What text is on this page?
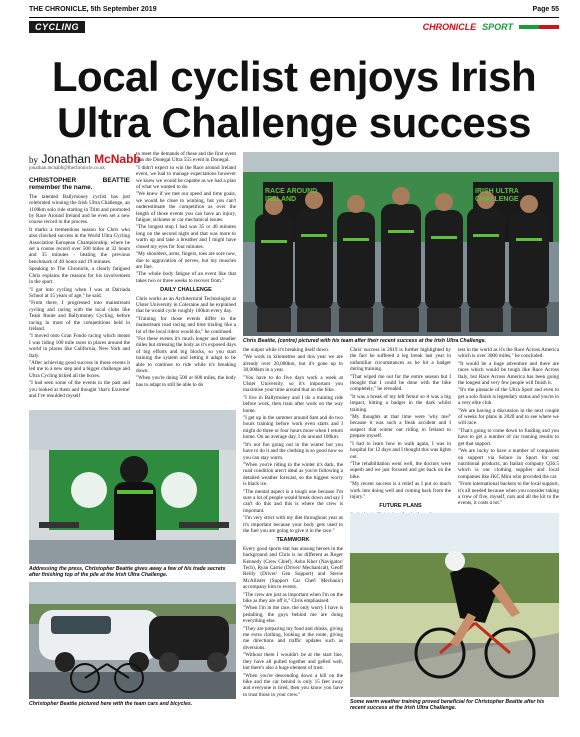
THE CHRONICLE, 5th September 2019	Page 55
CYCLING	CHRONICLE SPORT
Local cyclist enjoys Irish Ultra Challenge success
by Jonathan McNabb
jonathan.mcnabb@thechronicle.co.uk

CHRISTOPHER BEATTIE remember the name.

The talented Ballymoney cyclist has just celebrated winning the Irish Ultra Challenge, an 1100km solo ride starting in Trim and promoted by Race Around Ireland and he even set a new course record in the process.

It marks a tremendous season for Chris who also clinched success in the World Ultra Cycling Association European Championship, where he set a course record over 500 miles at 32 hours and 35 minutes - beating the previous benchmark of 40 hours and 19 minutes.

Speaking to The Chronicle, a clearly fatigued Chris explains the reasons for his involvement in the sport.

"I got into cycling when I was at Dalriada School at 15 years of age," he said.

"From there, I progressed into mainstream cycling and racing with the local clubs like Team Route and Ballymoney Cycling, before racing in most of the competitions held in Ireland.

"I moved onto Gran Fondo racing which meant I was riding 100 mile races in places around the world in places like California, New York and Italy.

"After achieving good success in those events it led me to a new step and a bigger challenge and Ultra Cycling ticked all the boxes.

"I had seen some of the events in the past and you looked at them and thought 'that's Extreme' and I've moulded myself

to meet the demands of these and the first event was the Donegal Ultra 555 event in Donegal.

"I didn't expect to win the Race around Ireland event, we had to manage expectations however we knew we would be capable as we had a plan of what we wanted to do.

"We knew if we met our speed and time goals, we would be close to winning, but you can't underestimate the competition as over the length of those events you can have an injury, fatigue, sickness or car mechanical issues.

"The longest stop I had was 35 or 40 minutes long on the second night and that was more to warm up and take a breather and I might have closed my eyes for four minutes.

"My shoulders, arms, fingers, toes are sore now, due to aggravation of nerves, but my muscles are fine.

"The whole body fatigue of an event like that takes two or three weeks to recover from."

DAILY CHALLENGE

Chris works as an Architectural Technologist at Ulster University in Coleraine and he explained that he would cycle roughly 100km every day.

"Training for those events differ to the mainstream road racing and time trialing like a lot of the local riders would do," he continued.

"For these events it's much longer and steadier miles but stressing the body as it's exposed days of big efforts and big blocks, so you start training the system and letting it adapt to be able to continue to ride while it's breaking down.

"When you're doing 500 or 600 miles, the body has to adapt to still be able to do

RACE AROUND IRELAND
IRISH ULTRA CHALLENGE
Chris Beattie, (centre) pictured with his team after their recent success at the Irish Ultra Challenge.

the output while it's breaking itself down.

"We work in kilometres and this year we are already over 20,000km, but it's gone up to 30,000km in a year.

"You have to do five days work a week at Ulster University, so it's important you maximise your time around that on the bike.

"I live in Ballymoney and I do a training ride before work, then train after work on the way home.

"I get up in the summer around 6am and do two hours training before work even starts and I might do three or four hours more when I return home. On an average day, I do around 100km.

"It's not fun going out in the winter but you have to do it and the clothing is so good now so you can stay warm.

"When you're riding in the winter it's dark, the road condition aren't ideal as you're following a detailed weather forecast, so the biggest worry is black ice.

"The mental aspect is a tough one because I'm sure a lot of people would break down and say I can't do this and this is where the crew is important.

"I'm very strict with my diet throughout year as it's important because your body gets used to the fuel you are going to give it in the race."

TEAMWORK

Every good sports star has unsung heroes in the background and Chris is no different as Roger Kennedy (Crew Chief), Ashu Kher (Navigator/ Tech), Ryan Carrie (Driver/ Mechanical), Geoff Reilly (Driver/ Gen Support) and Stevie McAllister (Support Car Chef/ Mechanic) accompany him to events.

"The crew are just as important when I'm on the bike as they are off it," Chris emphasised.

"When I'm in the race, the only worry I have is pedalling, the guys behind me are doing everything else.

"They are preparing my food and drinks, giving me extra clothing, looking at the route, giving me directions and traffic updates such as diversions.

"Without them I wouldn't be at the start line, they have all pulled together and gelled well, but there's also a huge element of trust.

"When you're descending down a hill on the bike and the car behind is only 15 feet away and everyone is tired, then you know you have to trust those in your crew."

Chris' success in 2019 is further highlighted by the fact he suffered a leg break last year in unfamiliar circumstances as he hit a badger during training.

"That wiped me out for the entire season but I thought that I could be done with the bike completely," he revealed.

"It was a break of my left femur so it was a big impact, hitting a badger in the dark whilst training.

"My thoughts at that time were 'why me?' because it was such a freak accident and I suspect that winter out riding in Ireland to prepare myself.

"I had to learn how to walk again, I was in hospital for 12 days and I thought this was lights out.

"The rehabilitation went well, the doctors were superb and we just focused and got back on the bike.

"My recent success is a relief as I put so much work into doing well and coming back from the injury."

FUTURE PLANS

test in the world as it's the Race Across America which is over 3000 miles," he concluded.

"It would be a huge adventure and there are races which would be tough like Race Across Italy, but Race Across America has been going the longest and very few people will finish it.

"It's the pinnacle of the Ultra Sport and even to get a solo finish is legendary status and you're in a very elite club.

"We are having a discussion in the next couple of weeks for plans in 2020 and to see where we will race.

"That's going to come down to funding and you have to get a number of car running results to get that support.

"We are lucky to have a number of companies on support via Solace in Sport for our nutritional products, an Italian company Q36.5 which is our clothing supplier and local companies like JKC Mini who provided the car.

"From international backers to the local support, it's all needed because when you consider taking a crew of five, myself, cars and all the kit to the events, it costs a lot."

Addressing the press, Christopher Beattie gives away a few of his trade secrets after finishing top of the pile at the Irish Ultra Challenge.
Christopher Beattie pictured here with the team cars and bicycles.	Some warm weather training proved beneficial for Christopher Beattie after his recent success at the Irish Ultra Challenge.
